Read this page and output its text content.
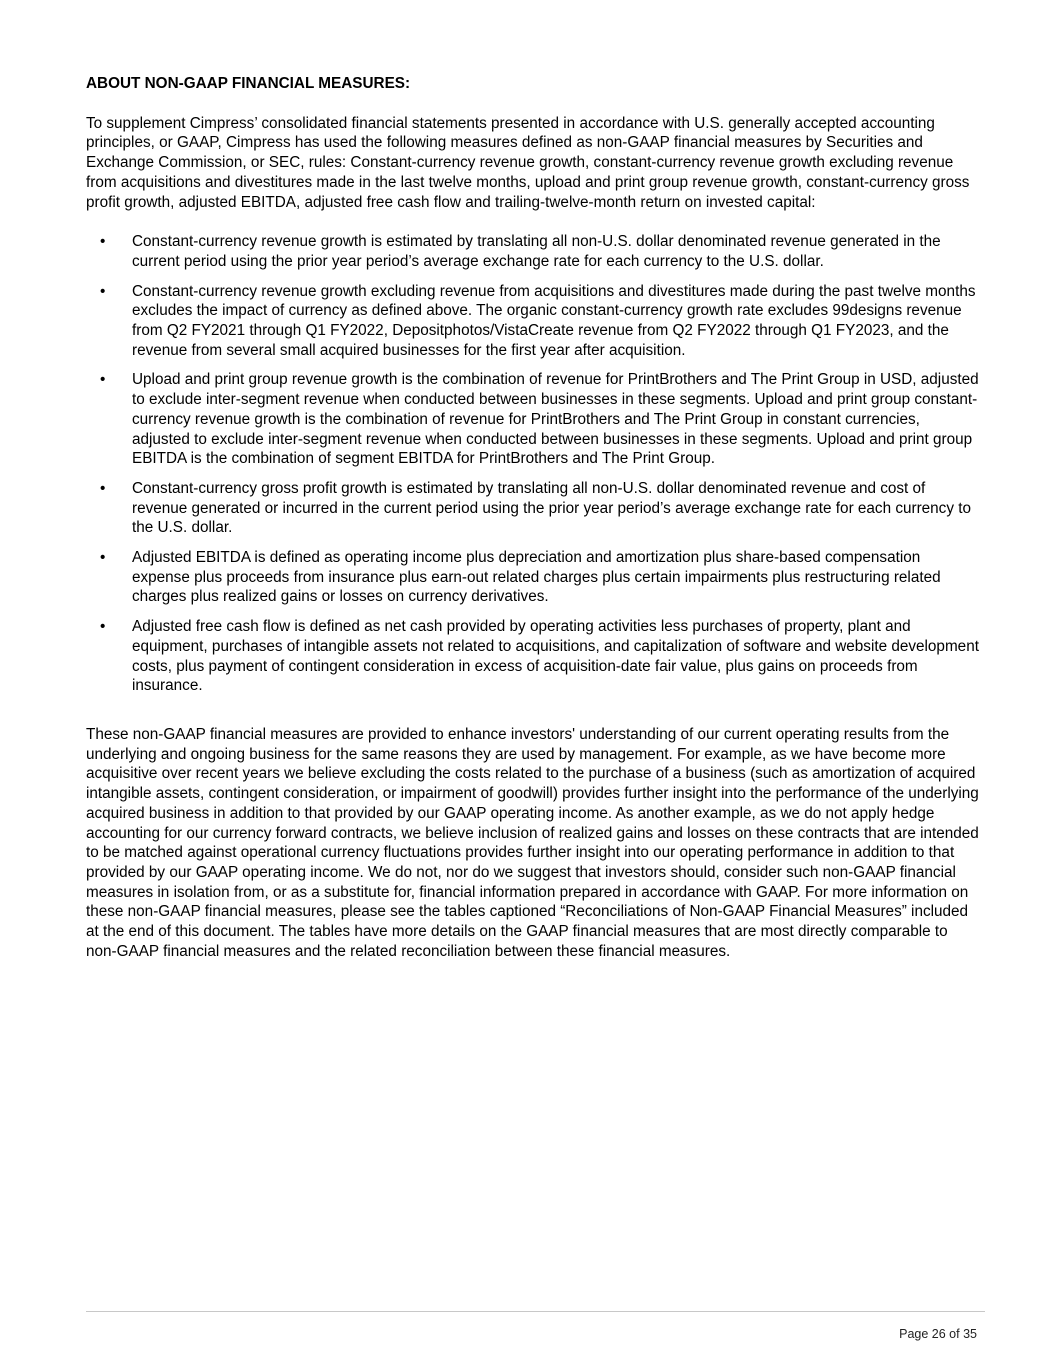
ABOUT NON-GAAP FINANCIAL MEASURES:

To supplement Cimpress’ consolidated financial statements presented in accordance with U.S. generally accepted accounting principles, or GAAP, Cimpress has used the following measures defined as non-GAAP financial measures by Securities and Exchange Commission, or SEC, rules: Constant-currency revenue growth, constant-currency revenue growth excluding revenue from acquisitions and divestitures made in the last twelve months, upload and print group revenue growth, constant-currency gross profit growth, adjusted EBITDA, adjusted free cash flow and trailing-twelve-month return on invested capital:

• Constant-currency revenue growth is estimated by translating all non-U.S. dollar denominated revenue generated in the current period using the prior year period’s average exchange rate for each currency to the U.S. dollar.
• Constant-currency revenue growth excluding revenue from acquisitions and divestitures made during the past twelve months excludes the impact of currency as defined above. The organic constant-currency growth rate excludes 99designs revenue from Q2 FY2021 through Q1 FY2022, Depositphotos/VistaCreate revenue from Q2 FY2022 through Q1 FY2023, and the revenue from several small acquired businesses for the first year after acquisition.
• Upload and print group revenue growth is the combination of revenue for PrintBrothers and The Print Group in USD, adjusted to exclude inter-segment revenue when conducted between businesses in these segments. Upload and print group constant-currency revenue growth is the combination of revenue for PrintBrothers and The Print Group in constant currencies, adjusted to exclude inter-segment revenue when conducted between businesses in these segments. Upload and print group EBITDA is the combination of segment EBITDA for PrintBrothers and The Print Group.
• Constant-currency gross profit growth is estimated by translating all non-U.S. dollar denominated revenue and cost of revenue generated or incurred in the current period using the prior year period’s average exchange rate for each currency to the U.S. dollar.
• Adjusted EBITDA is defined as operating income plus depreciation and amortization plus share-based compensation expense plus proceeds from insurance plus earn-out related charges plus certain impairments plus restructuring related charges plus realized gains or losses on currency derivatives.
• Adjusted free cash flow is defined as net cash provided by operating activities less purchases of property, plant and equipment, purchases of intangible assets not related to acquisitions, and capitalization of software and website development costs, plus payment of contingent consideration in excess of acquisition-date fair value, plus gains on proceeds from insurance.

These non-GAAP financial measures are provided to enhance investors' understanding of our current operating results from the underlying and ongoing business for the same reasons they are used by management. For example, as we have become more acquisitive over recent years we believe excluding the costs related to the purchase of a business (such as amortization of acquired intangible assets, contingent consideration, or impairment of goodwill) provides further insight into the performance of the underlying acquired business in addition to that provided by our GAAP operating income. As another example, as we do not apply hedge accounting for our currency forward contracts, we believe inclusion of realized gains and losses on these contracts that are intended to be matched against operational currency fluctuations provides further insight into our operating performance in addition to that provided by our GAAP operating income. We do not, nor do we suggest that investors should, consider such non-GAAP financial measures in isolation from, or as a substitute for, financial information prepared in accordance with GAAP. For more information on these non-GAAP financial measures, please see the tables captioned “Reconciliations of Non-GAAP Financial Measures” included at the end of this document. The tables have more details on the GAAP financial measures that are most directly comparable to non-GAAP financial measures and the related reconciliation between these financial measures.

Page 26 of 35
